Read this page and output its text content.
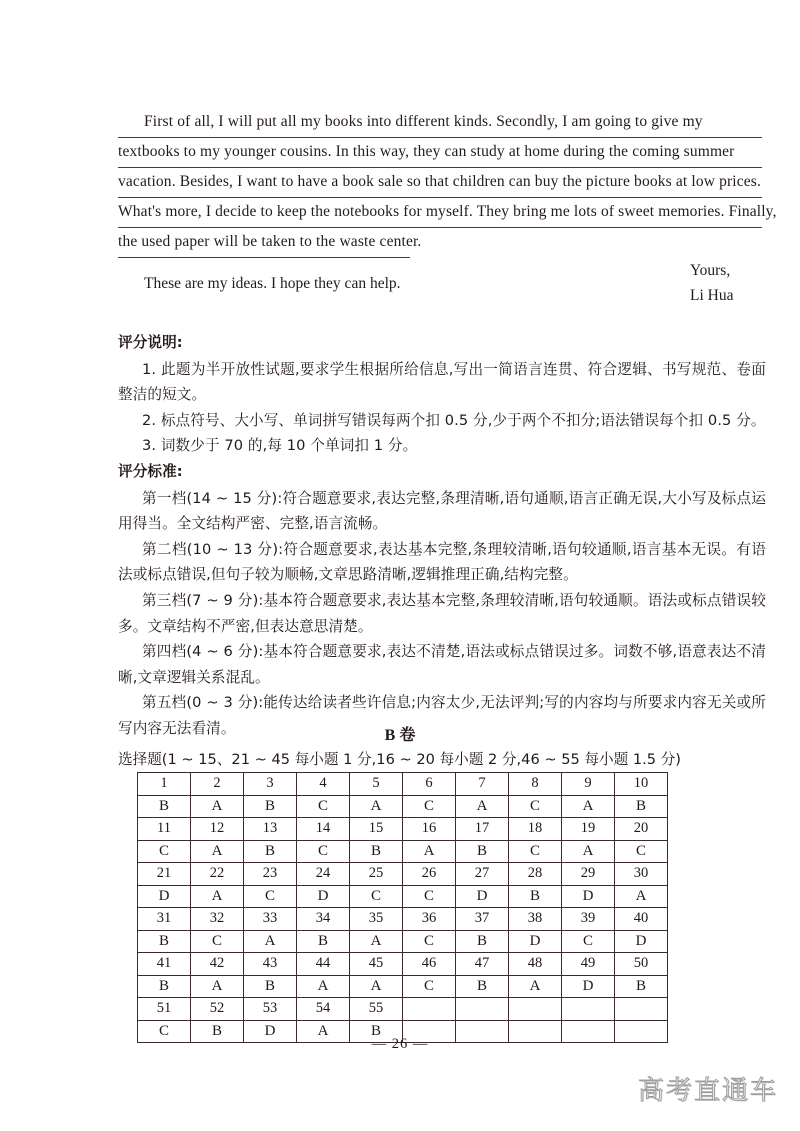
First of all, I will put all my books into different kinds. Secondly, I am going to give my
textbooks to my younger cousins. In this way, they can study at home during the coming summer
vacation. Besides, I want to have a book sale so that children can buy the picture books at low prices.
What's more, I decide to keep the notebooks for myself. They bring me lots of sweet memories. Finally,
the used paper will be taken to the waste center.
These are my ideas. I hope they can help.
Yours,
Li Hua
评分说明:
1. 此题为半开放性试题,要求学生根据所给信息,写出一简语言连贯、符合逻辑、书写规范、卷面整洁的短文。
2. 标点符号、大小写、单词拼写错误每两个扣 0.5 分,少于两个不扣分;语法错误每个扣 0.5 分。
3. 词数少于 70 的,每 10 个单词扣 1 分。
评分标准:
第一档(14 ~ 15 分):符合题意要求,表达完整,条理清晰,语句通顺,语言正确无误,大小写及标点运用得当。全文结构严密、完整,语言流畅。
第二档(10 ~ 13 分):符合题意要求,表达基本完整,条理较清晰,语句较通顺,语言基本无误。有语法或标点错误,但句子较为顺畅,文章思路清晰,逻辑推理正确,结构完整。
第三档(7 ~ 9 分):基本符合题意要求,表达基本完整,条理较清晰,语句较通顺。语法或标点错误较多。文章结构不严密,但表达意思清楚。
第四档(4 ~ 6 分):基本符合题意要求,表达不清楚,语法或标点错误过多。词数不够,语意表达不清晰,文章逻辑关系混乱。
第五档(0 ~ 3 分):能传达给读者些许信息;内容太少,无法评判;写的内容均与所要求内容无关或所写内容无法看清。	B 卷
选择题(1 ~ 15、21 ~ 45 每小题 1 分,16 ~ 20 每小题 2 分,46 ~ 55 每小题 1.5 分)
1	2	3	4	5	6	7	8	9	10
B	A	B	C	A	C	A	C	A	B
11	12	13	14	15	16	17	18	19	20
C	A	B	C	B	A	B	C	A	C
21	22	23	24	25	26	27	28	29	30
D	A	C	D	C	C	D	B	D	A
31	32	33	34	35	36	37	38	39	40
B	C	A	B	A	C	B	D	C	D
41	42	43	44	45	46	47	48	49	50
B	A	B	A	A	C	B	A	D	B
51	52	53	54	55					
C	B	D	A	B					
— 26 —
高考直通车
